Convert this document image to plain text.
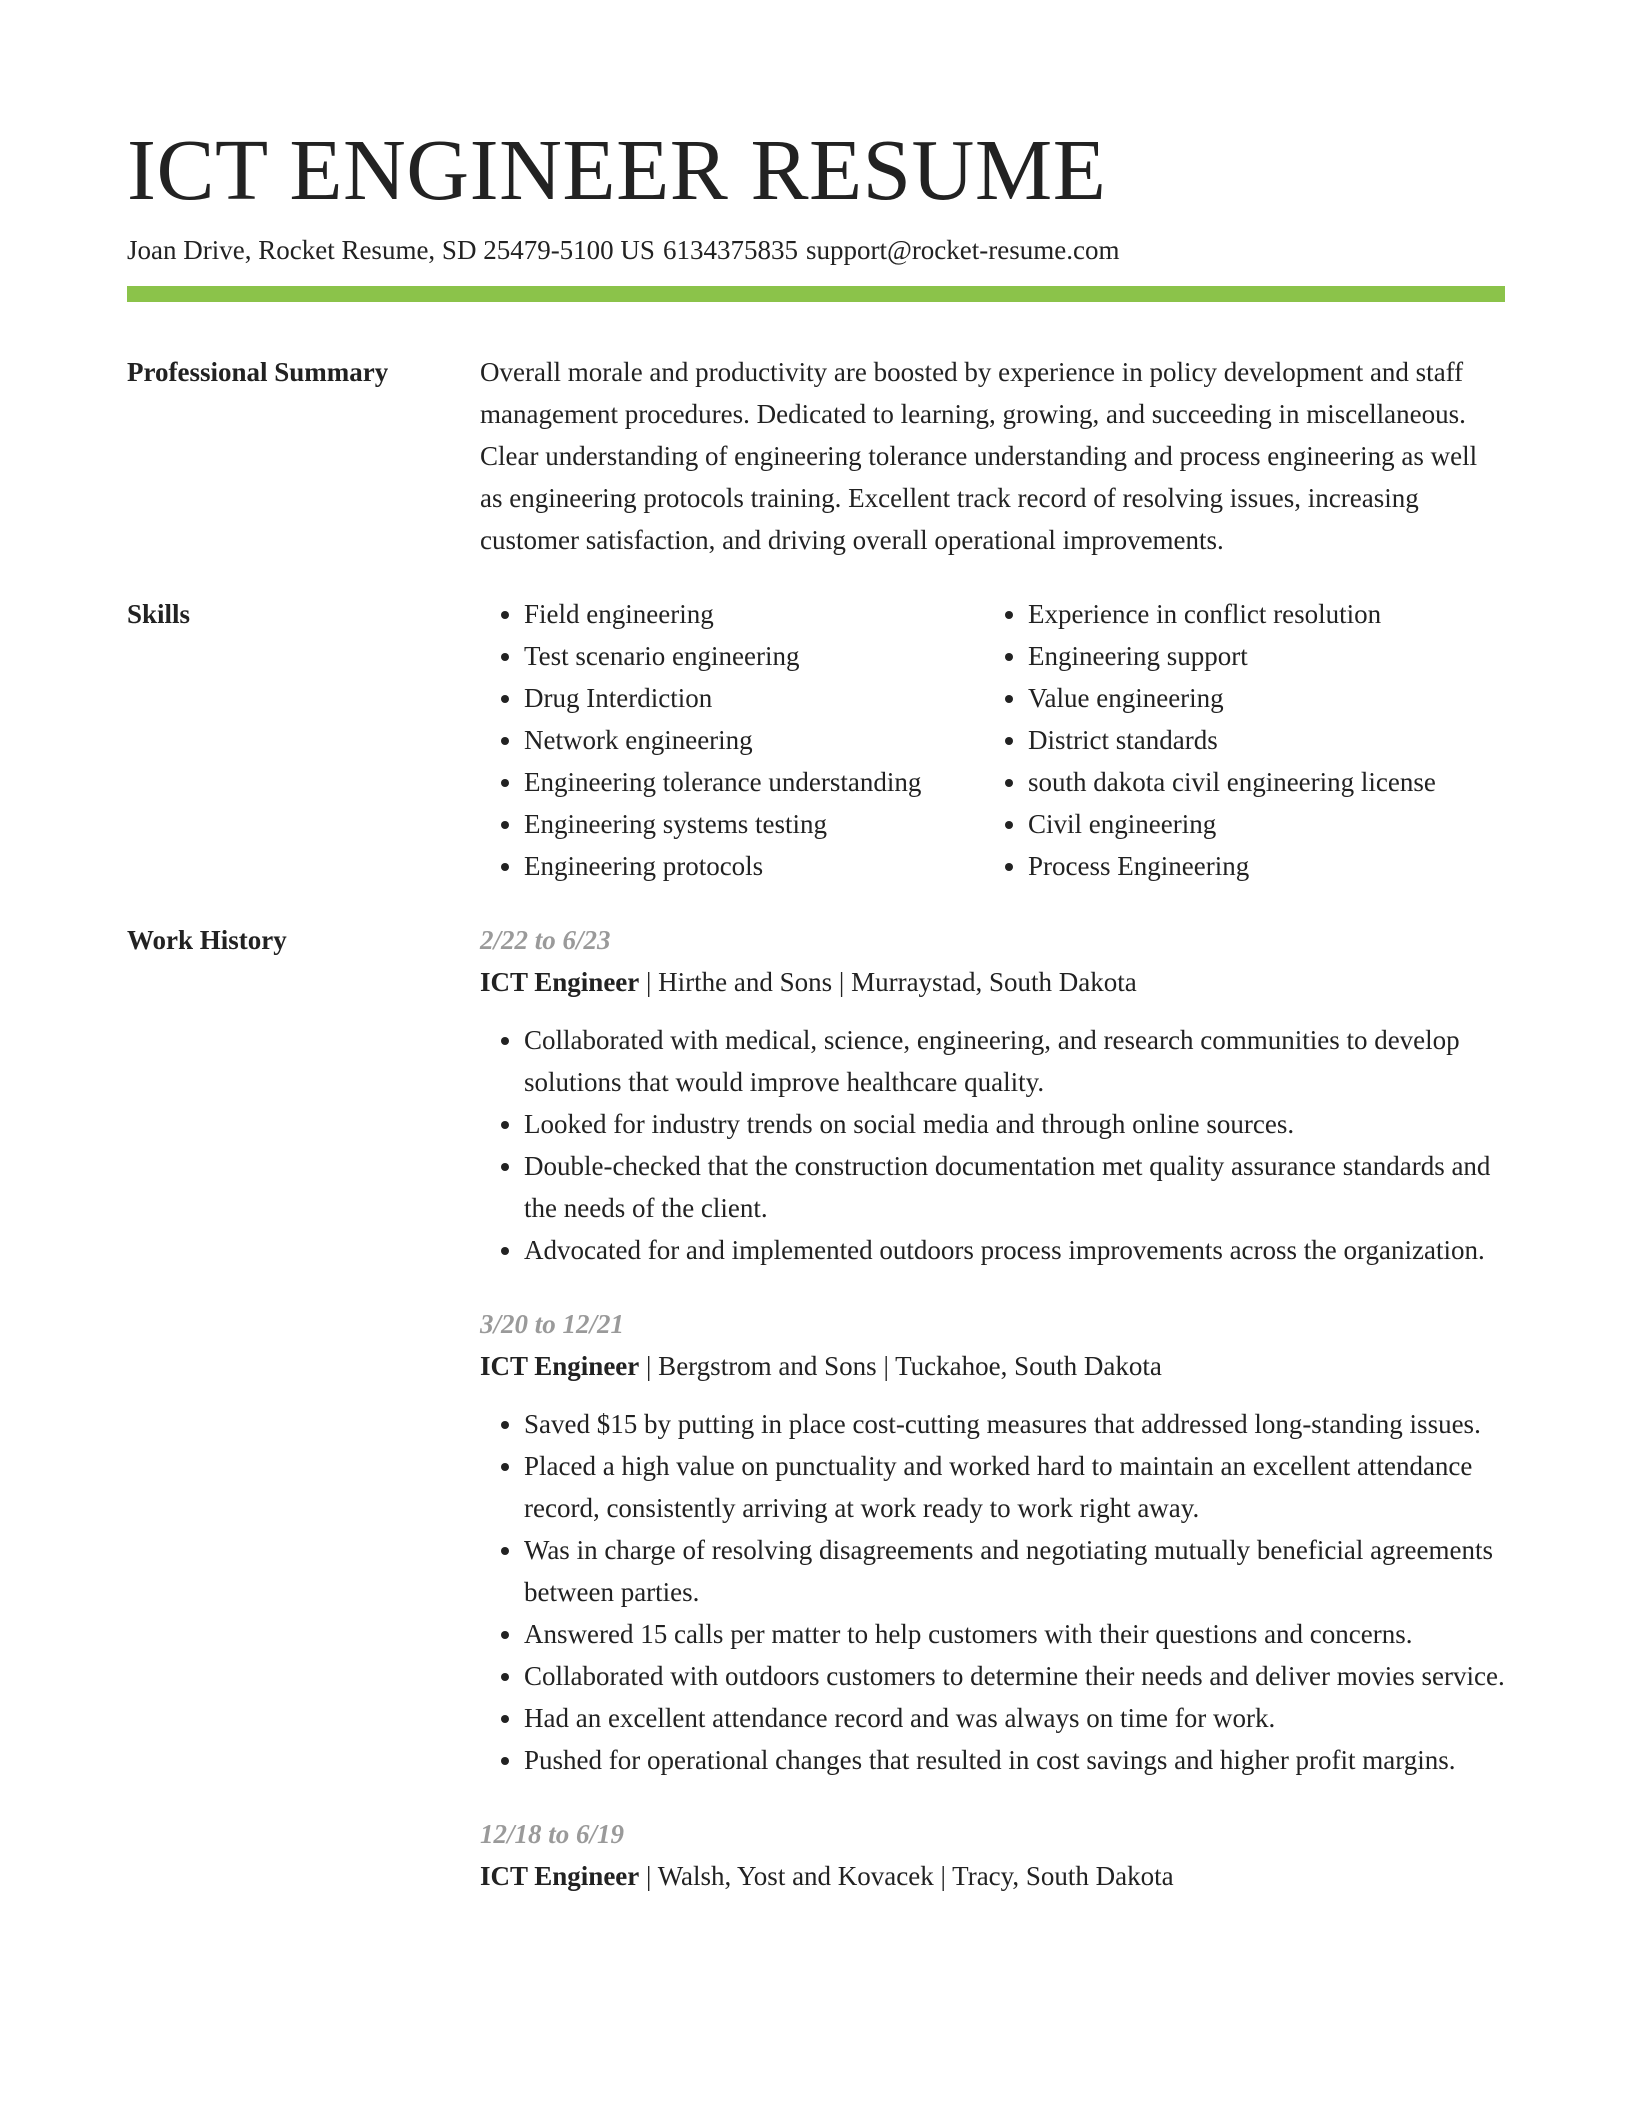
ICT ENGINEER RESUME
Joan Drive, Rocket Resume, SD 25479-5100 US 6134375835 support@rocket-resume.com
Professional Summary	Overall morale and productivity are boosted by experience in policy development and staff management procedures. Dedicated to learning, growing, and succeeding in miscellaneous. Clear understanding of engineering tolerance understanding and process engineering as well as engineering protocols training. Excellent track record of resolving issues, increasing customer satisfaction, and driving overall operational improvements.
Skills
•	Field engineering
• Test scenario engineering
• Drug Interdiction
• Network engineering
• Engineering tolerance understanding
• Engineering systems testing
• Engineering protocols
• Experience in conflict resolution
• Engineering support
• Value engineering
• District standards
• south dakota civil engineering license
• Civil engineering
• Process Engineering
Work History	2/22 to 6/23
ICT Engineer | Hirthe and Sons | Murraystad, South Dakota
• Collaborated with medical, science, engineering, and research communities to develop solutions that would improve healthcare quality.
• Looked for industry trends on social media and through online sources.
• Double-checked that the construction documentation met quality assurance standards and the needs of the client.
• Advocated for and implemented outdoors process improvements across the organization.
3/20 to 12/21
ICT Engineer | Bergstrom and Sons | Tuckahoe, South Dakota
• Saved $15 by putting in place cost-cutting measures that addressed long-standing issues.
• Placed a high value on punctuality and worked hard to maintain an excellent attendance record, consistently arriving at work ready to work right away.
• Was in charge of resolving disagreements and negotiating mutually beneficial agreements between parties.
• Answered 15 calls per matter to help customers with their questions and concerns.
• Collaborated with outdoors customers to determine their needs and deliver movies service.
• Had an excellent attendance record and was always on time for work.
• Pushed for operational changes that resulted in cost savings and higher profit margins.
12/18 to 6/19
ICT Engineer | Walsh, Yost and Kovacek | Tracy, South Dakota
